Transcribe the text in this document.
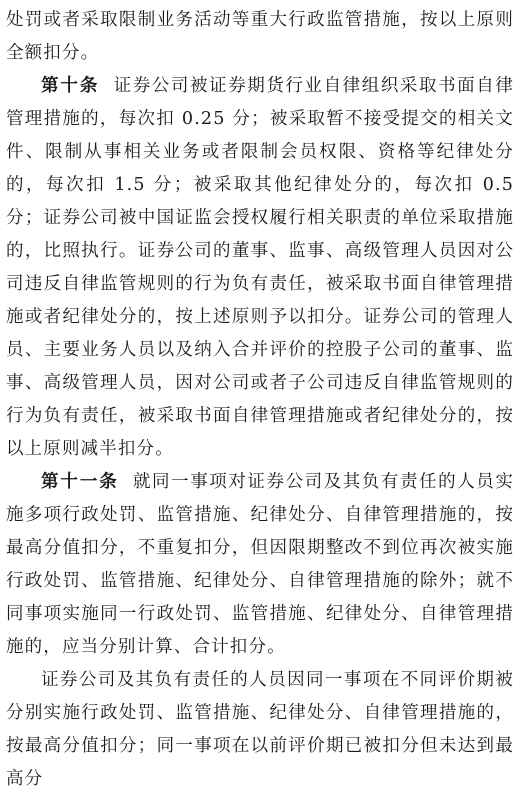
处罚或者采取限制业务活动等重大行政监管措施，按以上原则全额扣分。

第十条 证券公司被证券期货行业自律组织采取书面自律管理措施的，每次扣 0.25 分；被采取暂不接受提交的相关文件、限制从事相关业务或者限制会员权限、资格等纪律处分的，每次扣 1.5 分；被采取其他纪律处分的，每次扣 0.5 分；证券公司被中国证监会授权履行相关职责的单位采取措施的，比照执行。证券公司的董事、监事、高级管理人员因对公司违反自律监管规则的行为负有责任，被采取书面自律管理措施或者纪律处分的，按上述原则予以扣分。证券公司的管理人员、主要业务人员以及纳入合并评价的控股子公司的董事、监事、高级管理人员，因对公司或者子公司违反自律监管规则的行为负有责任，被采取书面自律管理措施或者纪律处分的，按以上原则减半扣分。

第十一条 就同一事项对证券公司及其负有责任的人员实施多项行政处罚、监管措施、纪律处分、自律管理措施的，按最高分值扣分，不重复扣分，但因限期整改不到位再次被实施行政处罚、监管措施、纪律处分、自律管理措施的除外；就不同事项实施同一行政处罚、监管措施、纪律处分、自律管理措施的，应当分别计算、合计扣分。

证券公司及其负有责任的人员因同一事项在不同评价期被分别实施行政处罚、监管措施、纪律处分、自律管理措施的，按最高分值扣分；同一事项在以前评价期已被扣分但未达到最高分
